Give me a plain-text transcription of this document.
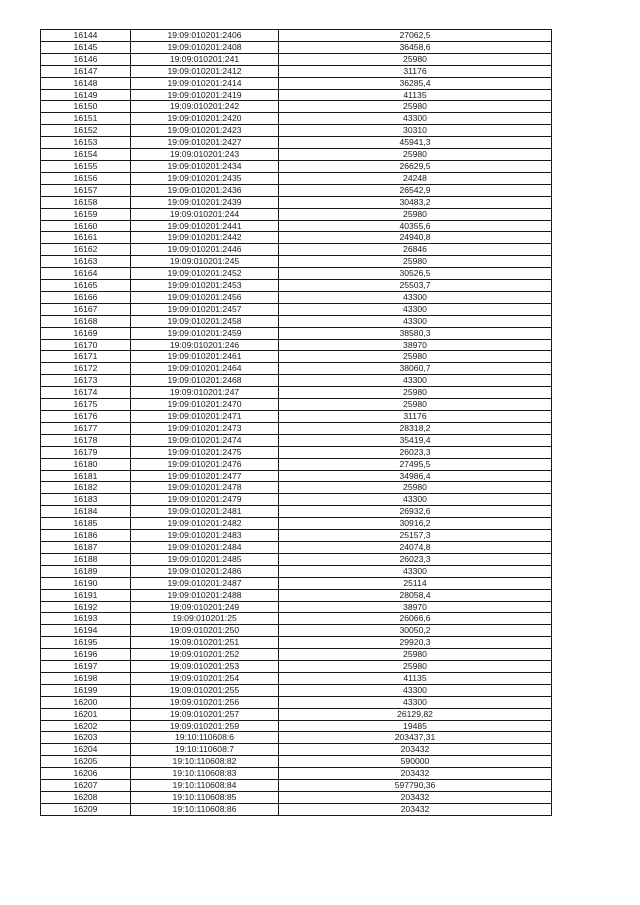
16144	19:09:010201:2406	27062,5
16145	19:09:010201:2408	36458,6
16146	19:09:010201:241	25980
16147	19:09:010201:2412	31176
16148	19:09:010201:2414	36285,4
16149	19:09:010201:2419	41135
16150	19:09:010201:242	25980
16151	19:09:010201:2420	43300
16152	19:09:010201:2423	30310
16153	19:09:010201:2427	45941,3
16154	19:09:010201:243	25980
16155	19:09:010201:2434	26629,5
16156	19:09:010201:2435	24248
16157	19:09:010201:2436	26542,9
16158	19:09:010201:2439	30483,2
16159	19:09:010201:244	25980
16160	19:09:010201:2441	40355,6
16161	19:09:010201:2442	24940,8
16162	19:09:010201:2446	26846
16163	19:09:010201:245	25980
16164	19:09:010201:2452	30526,5
16165	19:09:010201:2453	25503,7
16166	19:09:010201:2456	43300
16167	19:09:010201:2457	43300
16168	19:09:010201:2458	43300
16169	19:09:010201:2459	38580,3
16170	19:09:010201:246	38970
16171	19:09:010201:2461	25980
16172	19:09:010201:2464	38060,7
16173	19:09:010201:2468	43300
16174	19:09:010201:247	25980
16175	19:09:010201:2470	25980
16176	19:09:010201:2471	31176
16177	19:09:010201:2473	28318,2
16178	19:09:010201:2474	35419,4
16179	19:09:010201:2475	26023,3
16180	19:09:010201:2476	27495,5
16181	19:09:010201:2477	34986,4
16182	19:09:010201:2478	25980
16183	19:09:010201:2479	43300
16184	19:09:010201:2481	26932,6
16185	19:09:010201:2482	30916,2
16186	19:09:010201:2483	25157,3
16187	19:09:010201:2484	24074,8
16188	19:09:010201:2485	26023,3
16189	19:09:010201:2486	43300
16190	19:09:010201:2487	25114
16191	19:09:010201:2488	28058,4
16192	19:09:010201:249	38970
16193	19:09:010201:25	26066,6
16194	19:09:010201:250	30050,2
16195	19:09:010201:251	29920,3
16196	19:09:010201:252	25980
16197	19:09:010201:253	25980
16198	19:09:010201:254	41135
16199	19:09:010201:255	43300
16200	19:09:010201:256	43300
16201	19:09:010201:257	26129,82
16202	19:09:010201:259	19485
16203	19:10:110608:6	203437,31
16204	19:10:110608:7	203432
16205	19:10:110608:82	590000
16206	19:10:110608:83	203432
16207	19:10:110608:84	597790,36
16208	19:10:110608:85	203432
16209	19:10:110608:86	203432
